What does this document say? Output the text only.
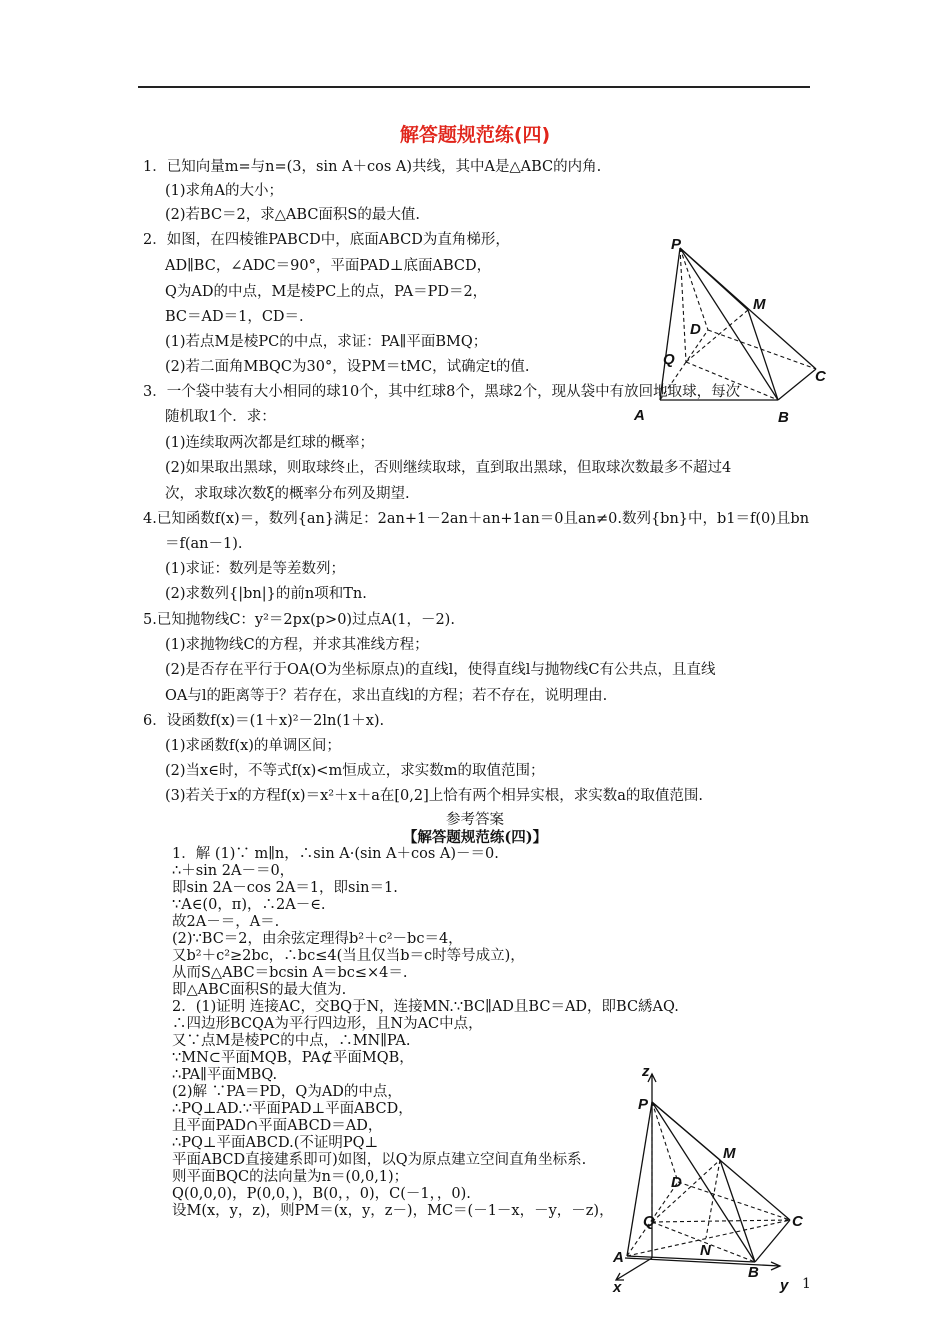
解答题规范练(四)
1．已知向量m=与n=(3，sin A＋cos A)共线，其中A是△ABC的内角.
(1)求角A的大小；
(2)若BC＝2，求△ABC面积S的最大值.
2．如图，在四棱锥PABCD中，底面ABCD为直角梯形，
AD∥BC，∠ADC＝90°，平面PAD⊥底面ABCD，
Q为AD的中点，M是棱PC上的点，PA＝PD＝2，
BC＝AD＝1，CD＝.
(1)若点M是棱PC的中点，求证：PA∥平面BMQ；
(2)若二面角MBQC为30°，设PM＝tMC，试确定t的值.
3．一个袋中装有大小相同的球10个，其中红球8个，黑球2个，现从袋中有放回地取球，每次
随机取1个．求：
(1)连续取两次都是红球的概率；
(2)如果取出黑球，则取球终止，否则继续取球，直到取出黑球，但取球次数最多不超过4
次，求取球次数ξ的概率分布列及期望.
4.已知函数f(x)＝，数列{an}满足：2an+1－2an＋an+1an＝0且an≠0.数列{bn}中，b1＝f(0)且bn
＝f(an－1).
(1)求证：数列是等差数列；
(2)求数列{|bn|}的前n项和Tn.
5.已知抛物线C：y²＝2px(p>0)过点A(1，－2).
(1)求抛物线C的方程，并求其准线方程；
(2)是否存在平行于OA(O为坐标原点)的直线l，使得直线l与抛物线C有公共点，且直线
OA与l的距离等于？若存在，求出直线l的方程；若不存在，说明理由.
6．设函数f(x)＝(1＋x)²－2ln(1＋x).
(1)求函数f(x)的单调区间；
(2)当x∈时，不等式f(x)<m恒成立，求实数m的取值范围；
(3)若关于x的方程f(x)＝x²＋x＋a在[0,2]上恰有两个相异实根，求实数a的取值范围.
参考答案
【解答题规范练(四)】
1．解 (1)∵ m∥n，∴sin A·(sin A＋cos A)－＝0.
∴＋sin 2A－＝0，
即sin 2A－cos 2A＝1，即sin＝1.
∵A∈(0，π)，∴2A－∈.
故2A－＝，A＝.
(2)∵BC＝2，由余弦定理得b²＋c²－bc＝4，
又b²＋c²≥2bc，∴bc≤4(当且仅当b＝c时等号成立)，
从而S△ABC＝bcsin A＝bc≤×4＝.
即△ABC面积S的最大值为.
2．(1)证明 连接AC，交BQ于N，连接MN.∵BC∥AD且BC＝AD，即BC綉AQ.
∴四边形BCQA为平行四边形，且N为AC中点，
又∵点M是棱PC的中点，∴MN∥PA.
∵MN⊂平面MQB，PA⊄平面MQB，
∴PA∥平面MBQ.
(2)解 ∵PA＝PD，Q为AD的中点，
∴PQ⊥AD.∵平面PAD⊥平面ABCD，
且平面PAD∩平面ABCD＝AD，
∴PQ⊥平面ABCD.(不证明PQ⊥
平面ABCD直接建系即可)如图，以Q为原点建立空间直角坐标系.
则平面BQC的法向量为n＝(0,0,1)；
Q(0,0,0)，P(0,0，)，B(0，，0)，C(－1，，0).
设M(x，y，z)，则PM＝(x，y，z－)，MC＝(－1－x，－y，－z)，
P
M
D
Q
C
A	B
z
P
M
D
Q	C
N
A
B
x	y 1
